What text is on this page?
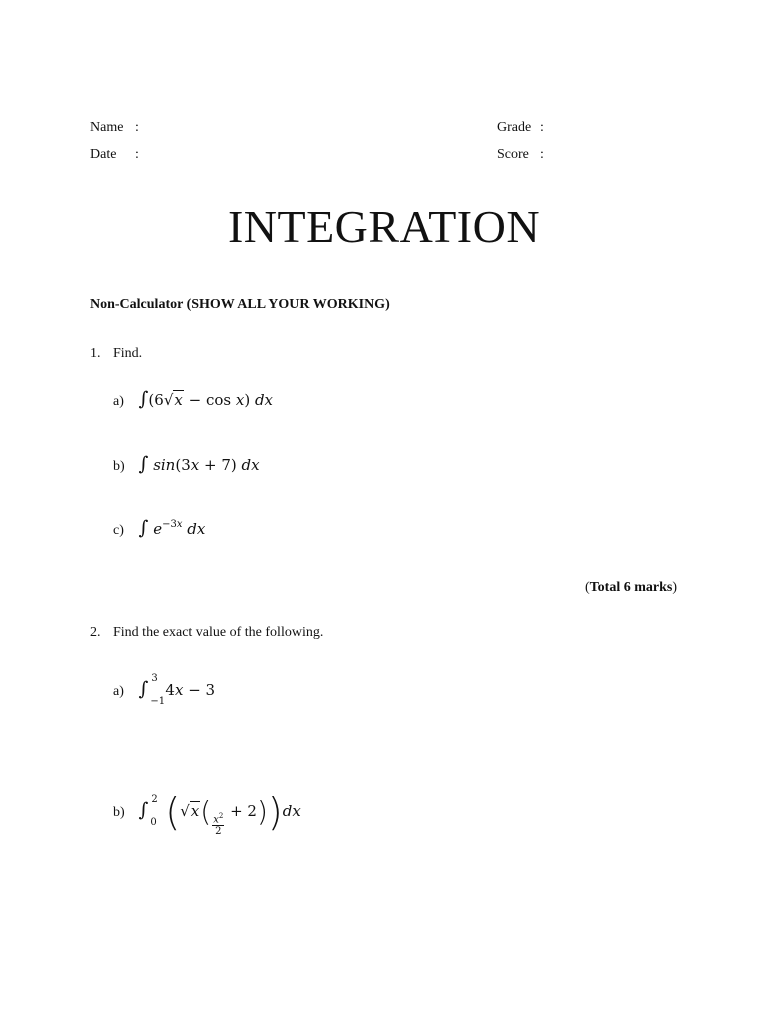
Name :	Grade :
Date :	Score :
INTEGRATION
Non-Calculator (SHOW ALL YOUR WORKING)
1. Find.
a) ∫(6√x − cos x) dx
b) ∫ sin(3x + 7) dx
c) ∫ $e^{-3x}$ dx
(Total 6 marks)
2. Find the exact value of the following.
a) ∫ 3
−1
4x − 3
b) ∫ 2
0 $(√x( \frac{x^2}{2} + 2))dx$
